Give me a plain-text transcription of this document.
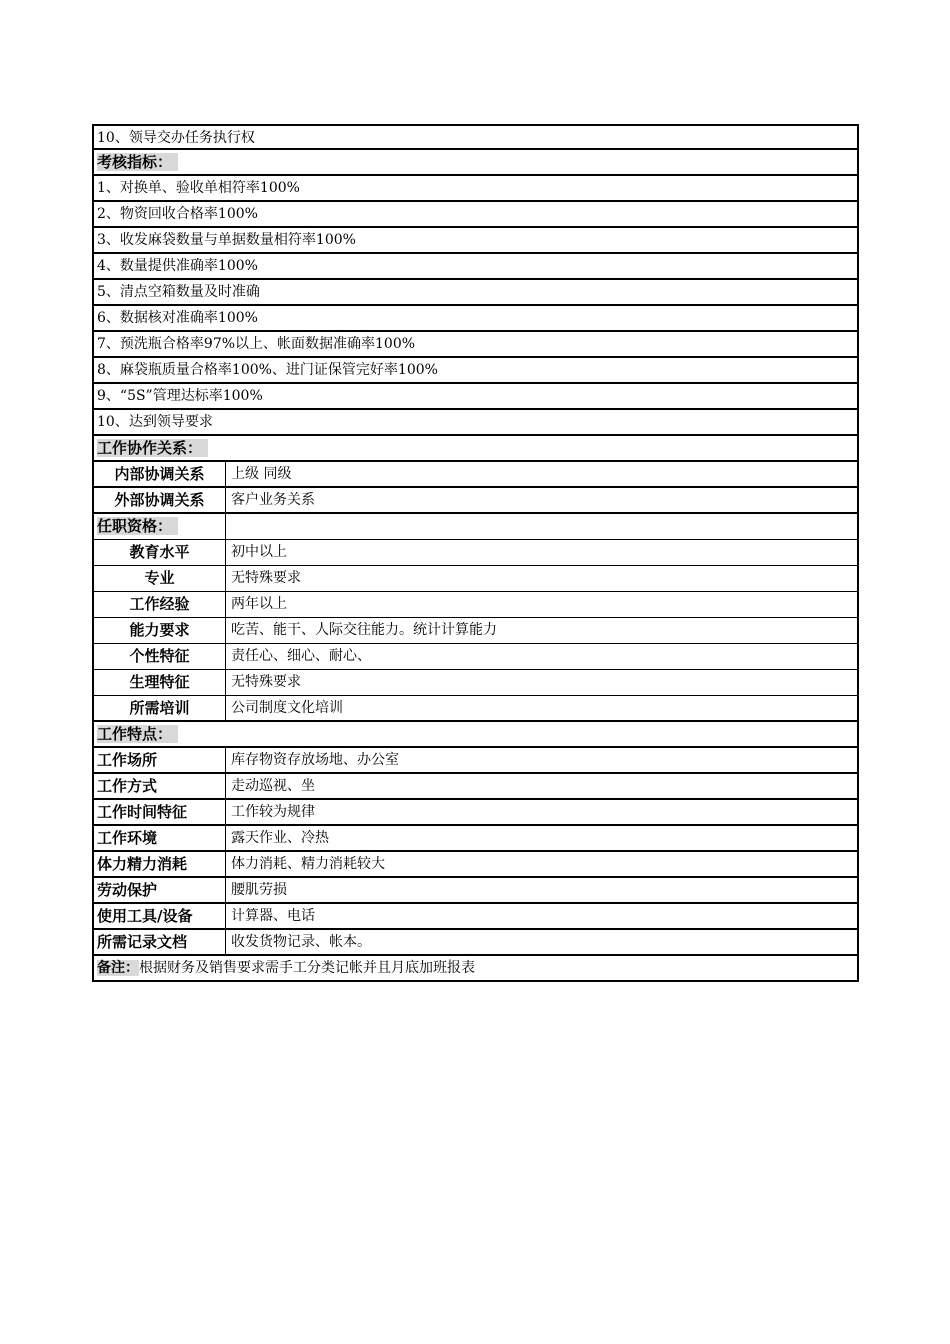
10、领导交办任务执行权
考核指标：
1、对换单、验收单相符率100%
2、物资回收合格率100%
3、收发麻袋数量与单据数量相符率100%
4、数量提供准确率100%
5、清点空箱数量及时准确
6、数据核对准确率100%
7、预洗瓶合格率97%以上、帐面数据准确率100%
8、麻袋瓶质量合格率100%、进门证保管完好率100%
9、“5S”管理达标率100%
10、达到领导要求
工作协作关系：
内部协调关系	上级 同级
外部协调关系	客户业务关系
任职资格：
教育水平	初中以上
专业	无特殊要求
工作经验	两年以上
能力要求	吃苦、能干、人际交往能力。统计计算能力
个性特征	责任心、细心、耐心、
生理特征	无特殊要求
所需培训	公司制度文化培训
工作特点：
工作场所	库存物资存放场地、办公室
工作方式	走动巡视、坐
工作时间特征	工作较为规律
工作环境	露天作业、冷热
体力精力消耗	体力消耗、精力消耗较大
劳动保护	腰肌劳损
使用工具/设备	计算器、电话
所需记录文档	收发货物记录、帐本。
备注：根据财务及销售要求需手工分类记帐并且月底加班报表
